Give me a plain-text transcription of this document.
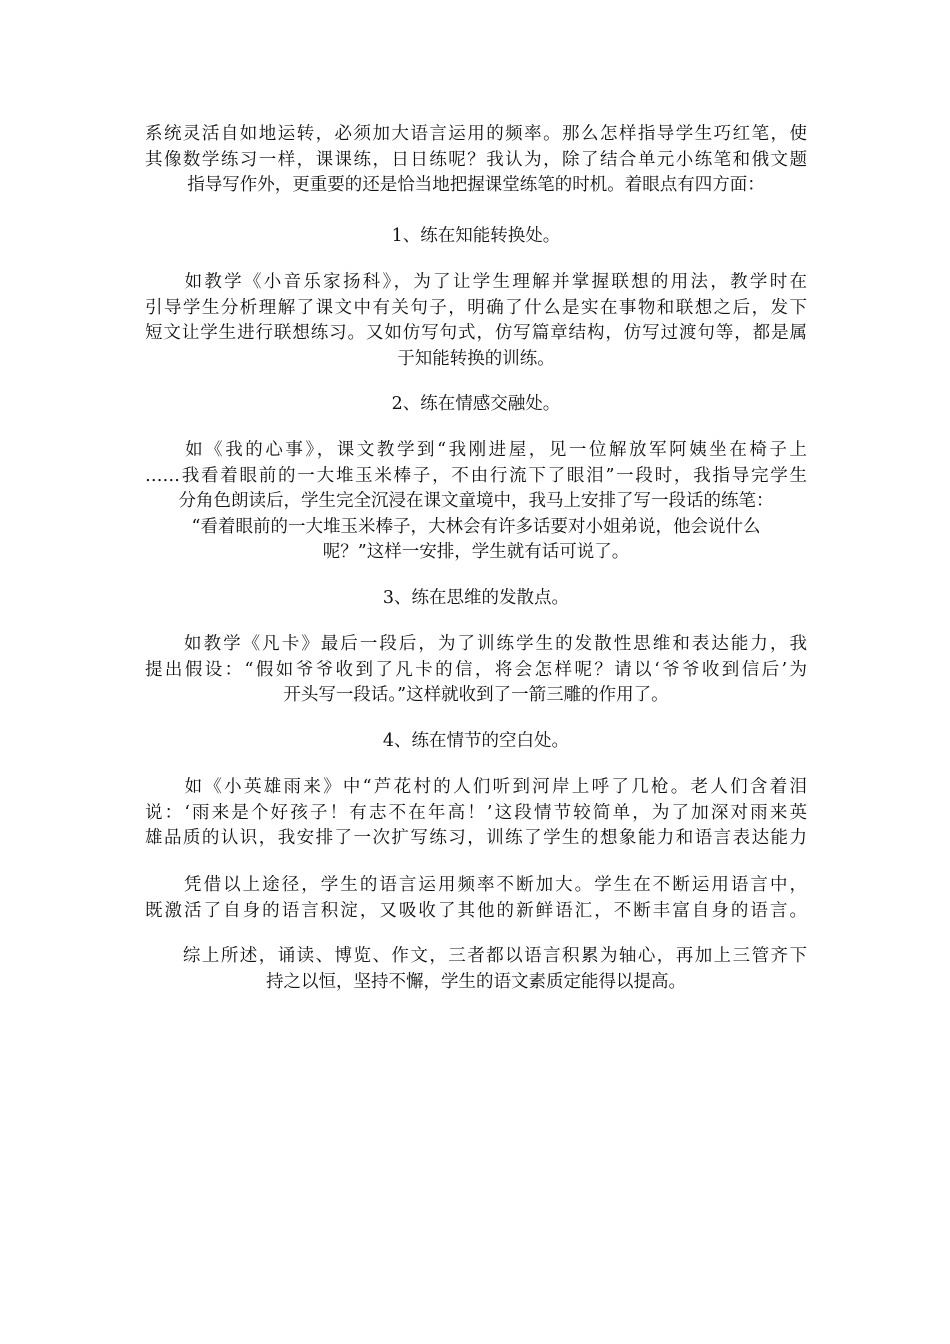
系统灵活自如地运转，必须加大语言运用的频率。那么怎样指导学生巧红笔，使
其像数学练习一样，课课练，日日练呢？我认为，除了结合单元小练笔和俄文题
指导写作外，更重要的还是恰当地把握课堂练笔的时机。着眼点有四方面：
1、练在知能转换处。
　　如教学《小音乐家扬科》，为了让学生理解并掌握联想的用法，教学时在
引导学生分析理解了课文中有关句子，明确了什么是实在事物和联想之后，发下
短文让学生进行联想练习。又如仿写句式，仿写篇章结构，仿写过渡句等，都是属
于知能转换的训练。
2、练在情感交融处。
　　如《我的心事》，课文教学到“我刚进屋，见一位解放军阿姨坐在椅子上
……我看着眼前的一大堆玉米棒子，不由行流下了眼泪”一段时，我指导完学生
分角色朗读后，学生完全沉浸在课文童境中，我马上安排了写一段话的练笔：
“看着眼前的一大堆玉米棒子，大林会有许多话要对小姐弟说，他会说什么
呢？”这样一安排，学生就有话可说了。
3、练在思维的发散点。
　　如教学《凡卡》最后一段后，为了训练学生的发散性思维和表达能力，我
提出假设：“假如爷爷收到了凡卡的信，将会怎样呢？请以‘爷爷收到信后’为
开头写一段话。”这样就收到了一箭三雕的作用了。
4、练在情节的空白处。
　　如《小英雄雨来》中“芦花村的人们听到河岸上呼了几枪。老人们含着泪
说：‘雨来是个好孩子！有志不在年高！’这段情节较简单，为了加深对雨来英
雄品质的认识，我安排了一次扩写练习，训练了学生的想象能力和语言表达能力
　　凭借以上途径，学生的语言运用频率不断加大。学生在不断运用语言中，
既激活了自身的语言积淀，又吸收了其他的新鲜语汇，不断丰富自身的语言。
　　综上所述，诵读、博览、作文，三者都以语言积累为轴心，再加上三管齐下
持之以恒，坚持不懈，学生的语文素质定能得以提高。
